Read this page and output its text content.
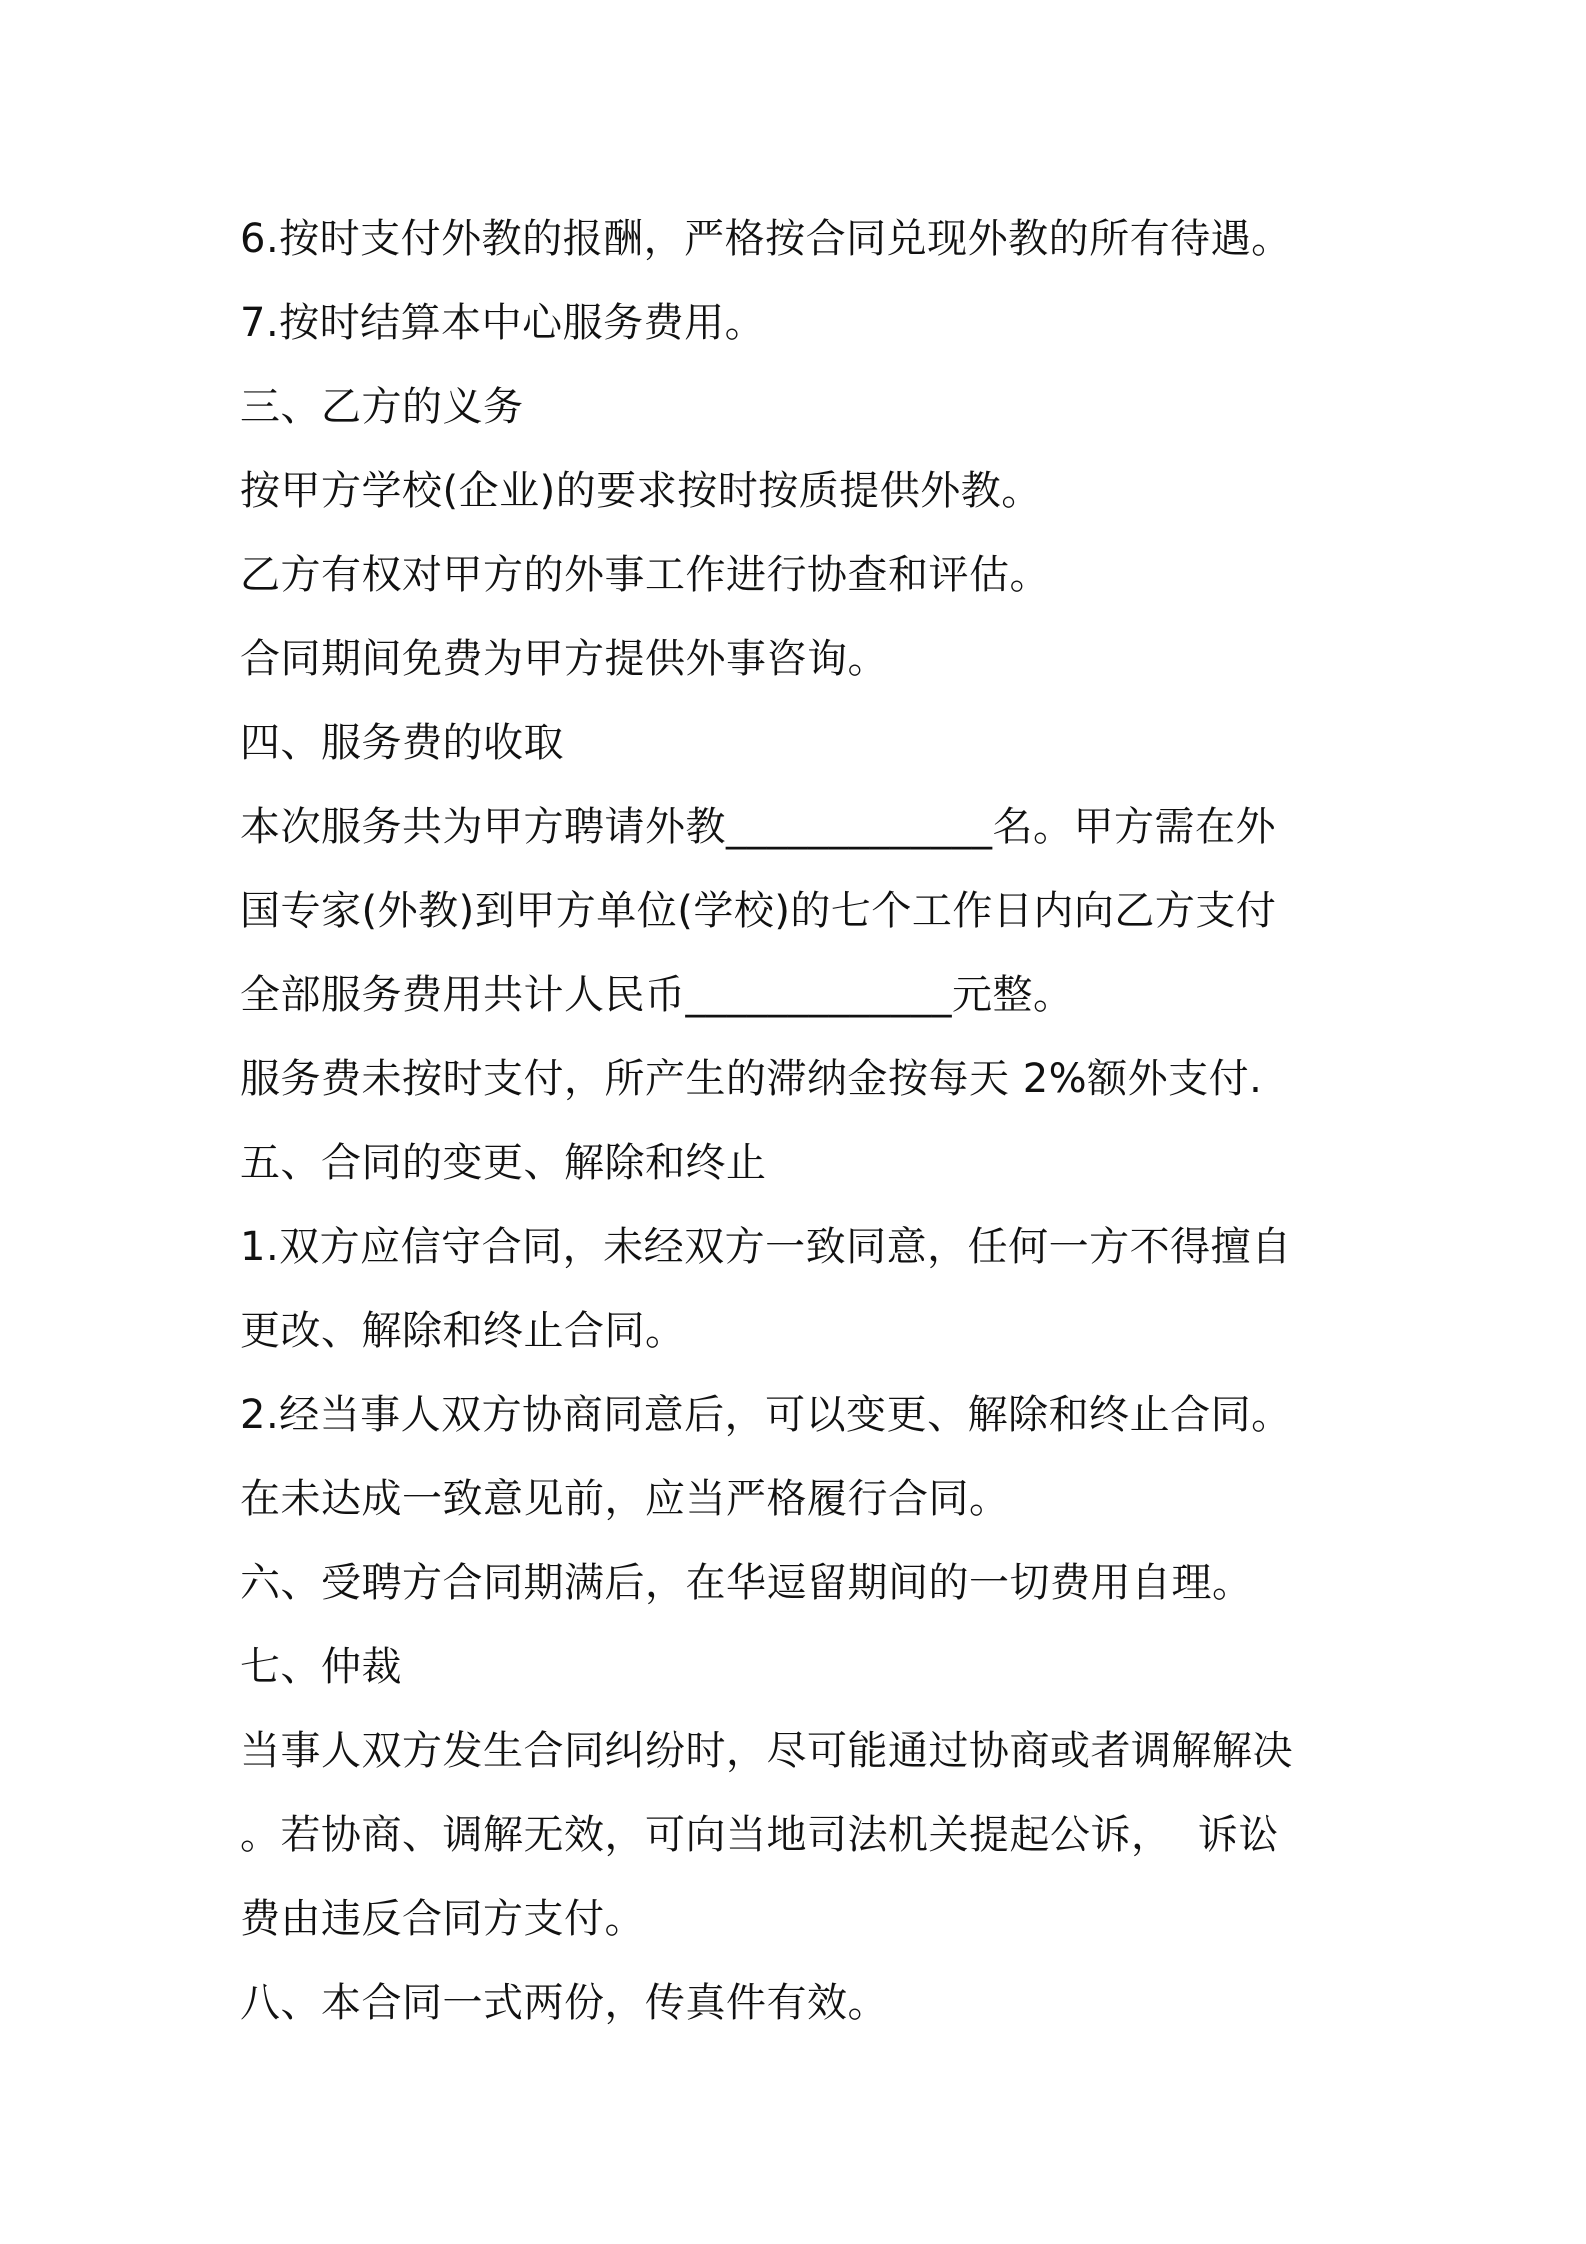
6.按时支付外教的报酬，严格按合同兑现外教的所有待遇。
7.按时结算本中心服务费用。
三、乙方的义务
按甲方学校(企业)的要求按时按质提供外教。
乙方有权对甲方的外事工作进行协查和评估。
合同期间免费为甲方提供外事咨询。
四、服务费的收取
本次服务共为甲方聘请外教_____________名。甲方需在外
国专家(外教)到甲方单位(学校)的七个工作日内向乙方支付
全部服务费用共计人民币_____________元整。
服务费未按时支付，所产生的滞纳金按每天 2%额外支付.
五、合同的变更、解除和终止
1.双方应信守合同，未经双方一致同意，任何一方不得擅自
更改、解除和终止合同。
2.经当事人双方协商同意后，可以变更、解除和终止合同。
在未达成一致意见前，应当严格履行合同。
六、受聘方合同期满后，在华逗留期间的一切费用自理。
七、仲裁
当事人双方发生合同纠纷时，尽可能通过协商或者调解解决
。若协商、调解无效，可向当地司法机关提起公诉，  诉讼
费由违反合同方支付。
八、本合同一式两份，传真件有效。
